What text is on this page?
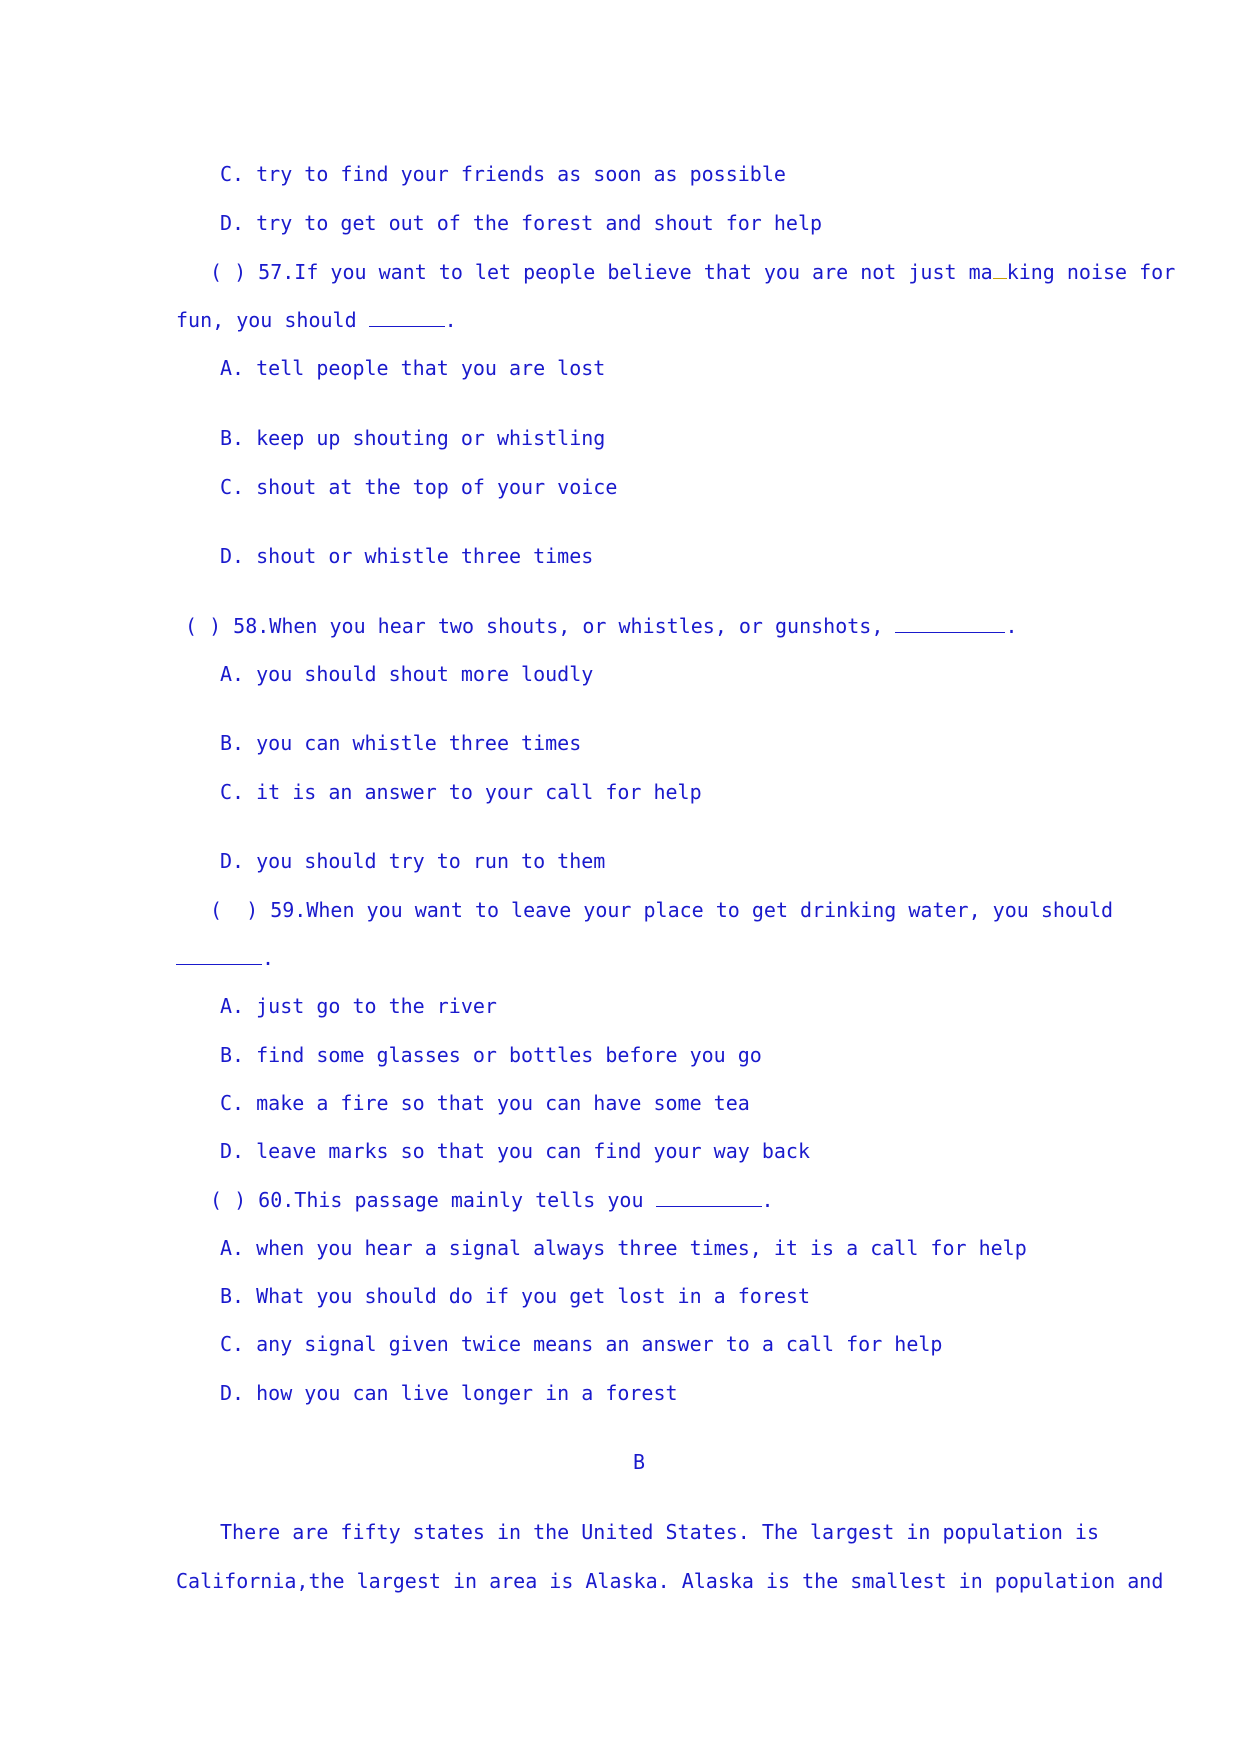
C. try to find your friends as soon as possible
D. try to get out of the forest and shout for help
( ) 57.If you want to let people believe that you are not just ma king noise for
fun, you should	.
A. tell people that you are lost
B. keep up shouting or whistling
C. shout at the top of your voice
D. shout or whistle three times
( ) 58.When you hear two shouts, or whistles, or gunshots,	.
A. you should shout more loudly
B. you can whistle three times
C. it is an answer to your call for help
D. you should try to run to them
(  ) 59.When you want to leave your place to get drinking water, you should
.
A. just go to the river
B. find some glasses or bottles before you go
C. make a fire so that you can have some tea
D. leave marks so that you can find your way back
( ) 60.This passage mainly tells you	.
A. when you hear a signal always three times, it is a call for help
B. What you should do if you get lost in a forest
C. any signal given twice means an answer to a call for help
D. how you can live longer in a forest
B
There are fifty states in the United States. The largest in population is
California,the largest in area is Alaska. Alaska is the smallest in population and
